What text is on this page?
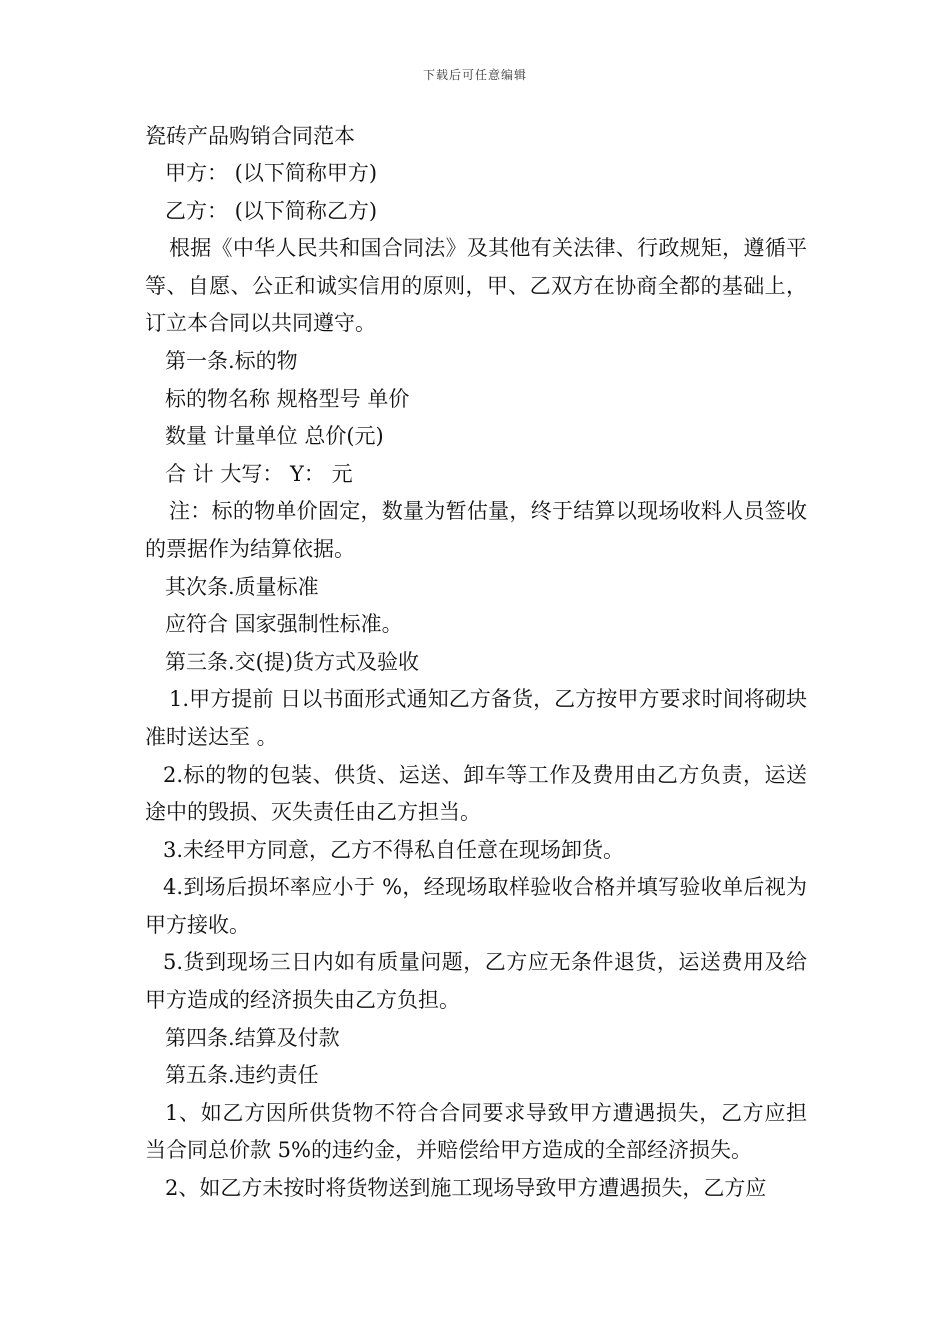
下载后可任意编辑
瓷砖产品购销合同范本

甲方： (以下简称甲方)

乙方： (以下简称乙方)

根据《中华人民共和国合同法》及其他有关法律、行政规矩，遵循平等、自愿、公正和诚实信用的原则，甲、乙双方在协商全都的基础上，订立本合同以共同遵守。

第一条.标的物

标的物名称 规格型号 单价

数量 计量单位 总价(元)

合 计 大写： Y： 元

注：标的物单价固定，数量为暂估量，终于结算以现场收料人员签收的票据作为结算依据。

其次条.质量标准

应符合 国家强制性标准。

第三条.交(提)货方式及验收

1.甲方提前 日以书面形式通知乙方备货，乙方按甲方要求时间将砌块准时送达至 。

2.标的物的包装、供货、运送、卸车等工作及费用由乙方负责，运送途中的毁损、灭失责任由乙方担当。

3.未经甲方同意，乙方不得私自任意在现场卸货。

4.到场后损坏率应小于 %，经现场取样验收合格并填写验收单后视为甲方接收。

5.货到现场三日内如有质量问题，乙方应无条件退货，运送费用及给甲方造成的经济损失由乙方负担。

第四条.结算及付款

第五条.违约责任

1、如乙方因所供货物不符合合同要求导致甲方遭遇损失，乙方应担当合同总价款 5%的违约金，并赔偿给甲方造成的全部经济损失。

2、如乙方未按时将货物送到施工现场导致甲方遭遇损失，乙方应
